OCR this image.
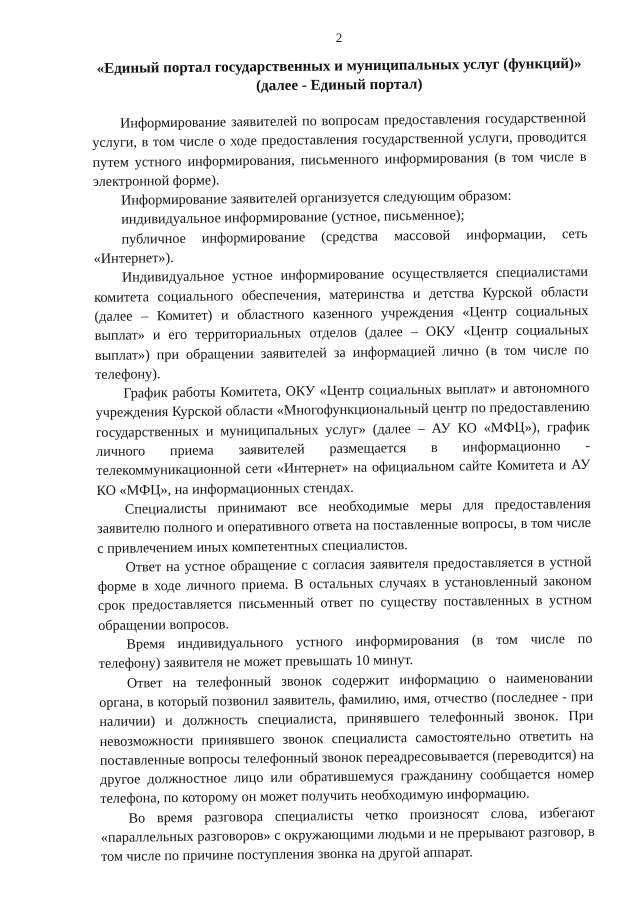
2
«Единый портал государственных и муниципальных услуг (функций)» (далее - Единый портал)

Информирование заявителей по вопросам предоставления государственной услуги, в том числе о ходе предоставления государственной услуги, проводится путем устного информирования, письменного информирования (в том числе в электронной форме).

Информирование заявителей организуется следующим образом:

индивидуальное информирование (устное, письменное);

публичное информирование (средства массовой информации, сеть «Интернет»).

Индивидуальное устное информирование осуществляется специалистами комитета социального обеспечения, материнства и детства Курской области (далее – Комитет) и областного казенного учреждения «Центр социальных выплат» и его территориальных отделов (далее – ОКУ «Центр социальных выплат») при обращении заявителей за информацией лично (в том числе по телефону).

График работы Комитета, ОКУ «Центр социальных выплат» и автономного учреждения Курской области «Многофункциональный центр по предоставлению государственных и муниципальных услуг» (далее – АУ КО «МФЦ»), график личного приема заявителей размещается в информационно - телекоммуникационной сети «Интернет» на официальном сайте Комитета и АУ КО «МФЦ», на информационных стендах.

Специалисты принимают все необходимые меры для предоставления заявителю полного и оперативного ответа на поставленные вопросы, в том числе с привлечением иных компетентных специалистов.

Ответ на устное обращение с согласия заявителя предоставляется в устной форме в ходе личного приема. В остальных случаях в установленный законом срок предоставляется письменный ответ по существу поставленных в устном обращении вопросов.

Время индивидуального устного информирования (в том числе по телефону) заявителя не может превышать 10 минут.

Ответ на телефонный звонок содержит информацию о наименовании органа, в который позвонил заявитель, фамилию, имя, отчество (последнее - при наличии) и должность специалиста, принявшего телефонный звонок. При невозможности принявшего звонок специалиста самостоятельно ответить на поставленные вопросы телефонный звонок переадресовывается (переводится) на другое должностное лицо или обратившемуся гражданину сообщается номер телефона, по которому он может получить необходимую информацию.

Во время разговора специалисты четко произносят слова, избегают «параллельных разговоров» с окружающими людьми и не прерывают разговор, в том числе по причине поступления звонка на другой аппарат.
